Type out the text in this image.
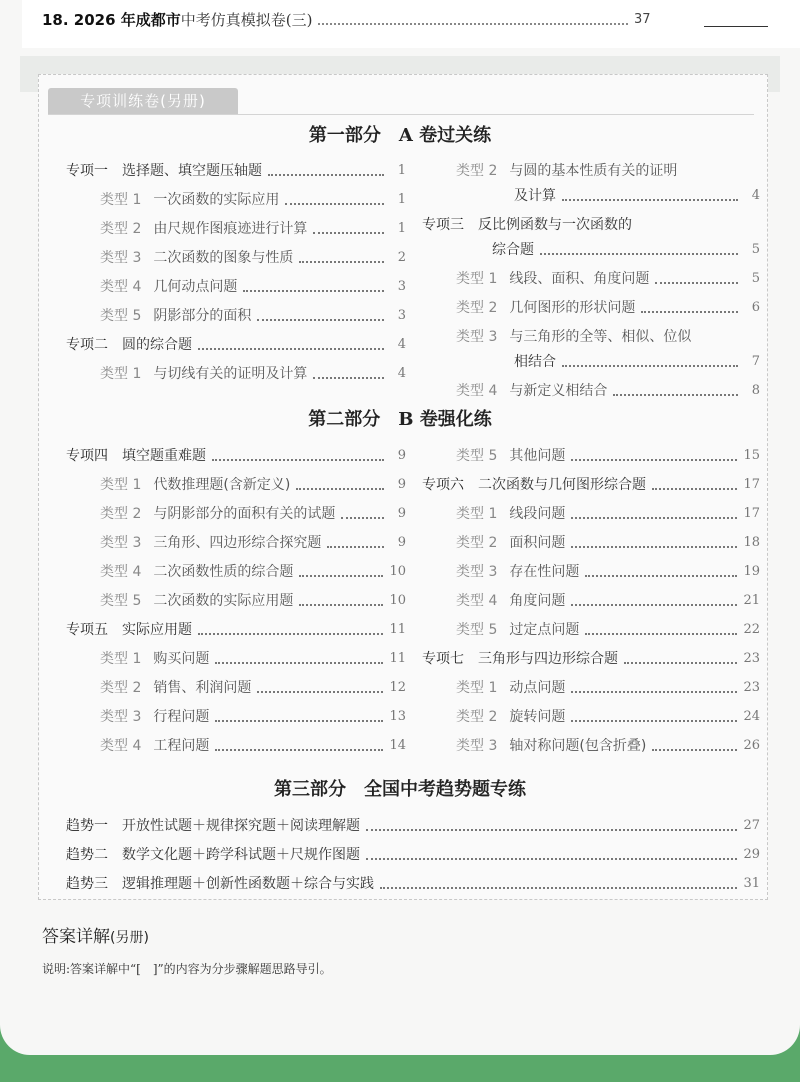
18. 2026 年成都市 中考仿真模拟卷(三)	37
专项训练卷(另册)
第一部分　A 卷过关练
第二部分　B 卷强化练
第三部分　全国中考趋势题专练
专项一 选择题、填空题压轴题	1
类型 1 一次函数的实际应用	1
类型 2 由尺规作图痕迹进行计算	1
类型 3 二次函数的图象与性质	2
类型 4 几何动点问题	3
类型 5 阴影部分的面积	3
专项二 圆的综合题	4
类型 1 与切线有关的证明及计算	4
类型 2 与圆的基本性质有关的证明
及计算	4
专项三 反比例函数与一次函数的
综合题	5
类型 1 线段、面积、角度问题	5
类型 2 几何图形的形状问题	6
类型 3 与三角形的全等、相似、位似
相结合	7
类型 4 与新定义相结合	8
专项四 填空题重难题	9
类型 1 代数推理题(含新定义)	9
类型 2 与阴影部分的面积有关的试题	9
类型 3 三角形、四边形综合探究题	9
类型 4 二次函数性质的综合题	10
类型 5 二次函数的实际应用题	10
专项五 实际应用题	11
类型 1 购买问题	11
类型 2 销售、利润问题	12
类型 3 行程问题	13
类型 4 工程问题	14
类型 5 其他问题	15
专项六 二次函数与几何图形综合题	17
类型 1 线段问题	17
类型 2 面积问题	18
类型 3 存在性问题	19
类型 4 角度问题	21
类型 5 过定点问题	22
专项七 三角形与四边形综合题	23
类型 1 动点问题	23
类型 2 旋转问题	24
类型 3 轴对称问题(包含折叠)	26
趋势一 开放性试题＋规律探究题＋阅读理解题	27
趋势二 数学文化题＋跨学科试题＋尺规作图题	29
趋势三 逻辑推理题＋创新性函数题＋综合与实践	31
答案详解(另册)
说明:答案详解中“[　]”的内容为分步骤解题思路导引。
